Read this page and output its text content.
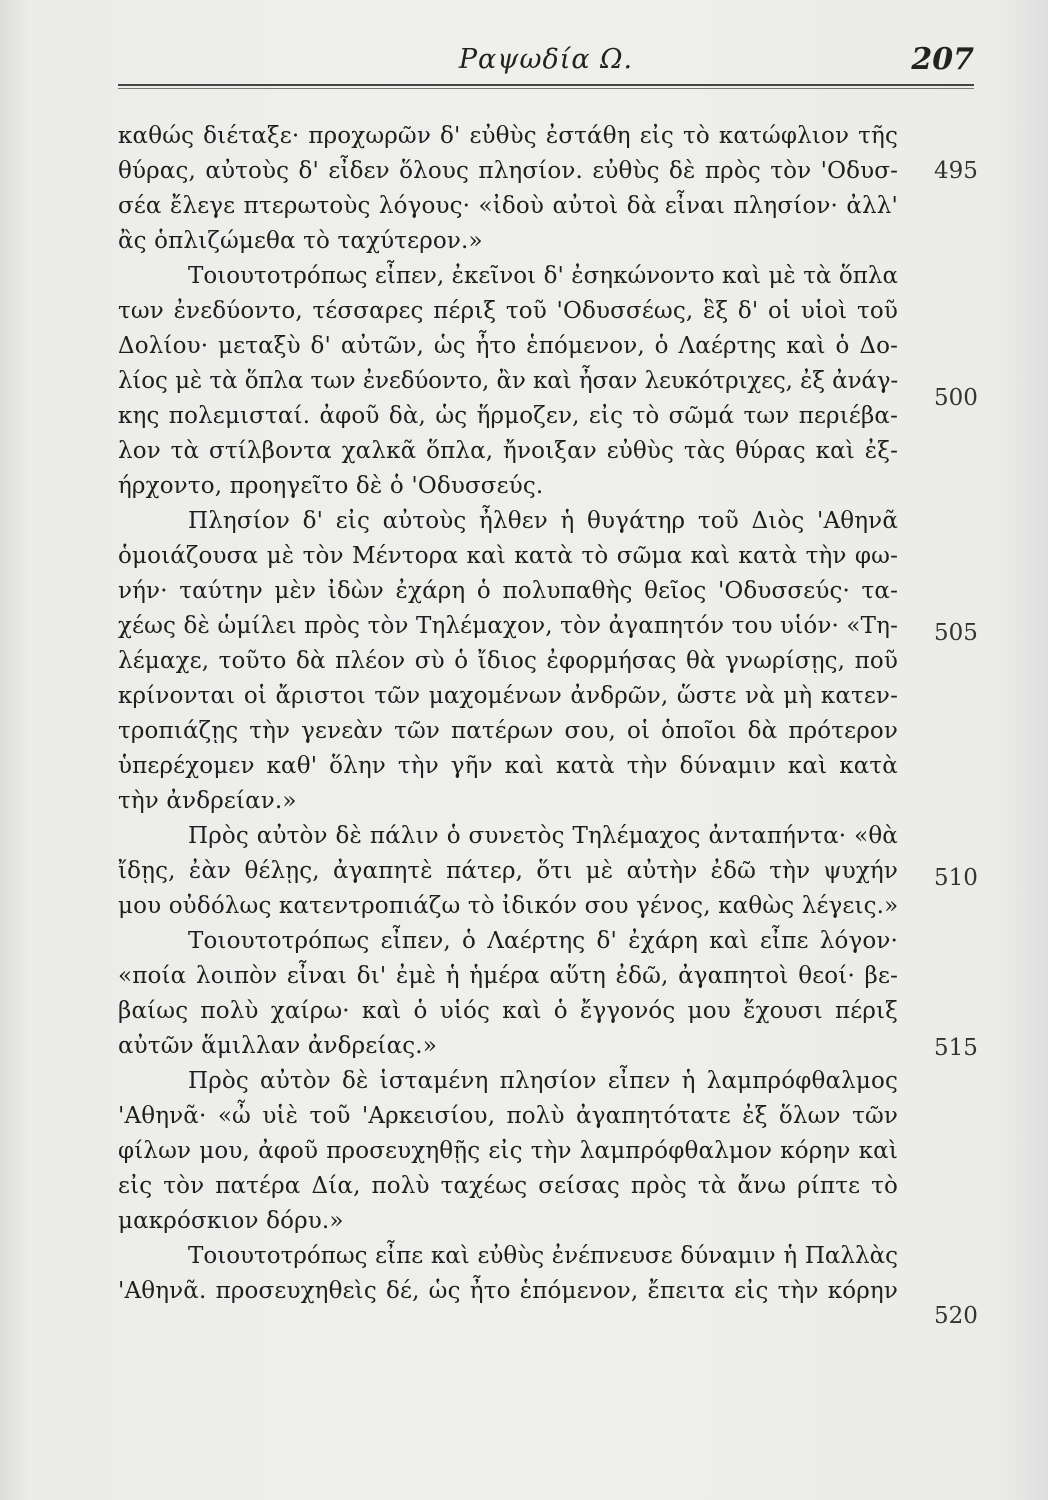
Ραψωδία Ω.	207
καθώς διέταξε· προχωρῶν δ' εὐθὺς ἐστάθη εἰς τὸ κατώφλιον τῆς
θύρας, αὐτοὺς δ' εἶδεν ὅλους πλησίον. εὐθὺς δὲ πρὸς τὸν 'Οδυσ-
σέα ἔλεγε πτερωτοὺς λόγους· «ἰδοὺ αὐτοὶ δὰ εἶναι πλησίον· ἀλλ'
ἂς ὁπλιζώμεθα τὸ ταχύτερον.»
Τοιουτοτρόπως εἶπεν, ἐκεῖνοι δ' ἐσηκώνοντο καὶ μὲ τὰ ὅπλα
των ἐνεδύοντο, τέσσαρες πέριξ τοῦ 'Οδυσσέως, ἓξ δ' οἱ υἱοὶ τοῦ
Δολίου· μεταξὺ δ' αὐτῶν, ὡς ἦτο ἑπόμενον, ὁ Λαέρτης καὶ ὁ Δο-
λίος μὲ τὰ ὅπλα των ἐνεδύοντο, ἂν καὶ ἦσαν λευκότριχες, ἐξ ἀνάγ-
κης πολεμισταί. ἀφοῦ δὰ, ὡς ἥρμοζεν, εἰς τὸ σῶμά των περιέβα-
λον τὰ στίλβοντα χαλκᾶ ὅπλα, ἤνοιξαν εὐθὺς τὰς θύρας καὶ ἐξ-
ήρχοντο, προηγεῖτο δὲ ὁ 'Οδυσσεύς.
Πλησίον δ' εἰς αὐτοὺς ἦλθεν ἡ θυγάτηρ τοῦ Διὸς 'Αθηνᾶ
ὁμοιάζουσα μὲ τὸν Μέντορα καὶ κατὰ τὸ σῶμα καὶ κατὰ τὴν φω-
νήν· ταύτην μὲν ἰδὼν ἐχάρη ὁ πολυπαθὴς θεῖος 'Οδυσσεύς· τα-
χέως δὲ ὡμίλει πρὸς τὸν Τηλέμαχον, τὸν ἀγαπητόν του υἱόν· «Τη-
λέμαχε, τοῦτο δὰ πλέον σὺ ὁ ἴδιος ἐφορμήσας θὰ γνωρίσῃς, ποῦ
κρίνονται οἱ ἄριστοι τῶν μαχομένων ἀνδρῶν, ὥστε νὰ μὴ κατεν-
τροπιάζῃς τὴν γενεὰν τῶν πατέρων σου, οἱ ὁποῖοι δὰ πρότερον
ὑπερέχομεν καθ' ὅλην τὴν γῆν καὶ κατὰ τὴν δύναμιν καὶ κατὰ
τὴν ἀνδρείαν.»
Πρὸς αὐτὸν δὲ πάλιν ὁ συνετὸς Τηλέμαχος ἀνταπήντα· «θὰ
ἴδῃς, ἐὰν θέλῃς, ἀγαπητὲ πάτερ, ὅτι μὲ αὐτὴν ἐδῶ τὴν ψυχήν
μου οὐδόλως κατεντροπιάζω τὸ ἰδικόν σου γένος, καθὼς λέγεις.»
Τοιουτοτρόπως εἶπεν, ὁ Λαέρτης δ' ἐχάρη καὶ εἶπε λόγον·
«ποία λοιπὸν εἶναι δι' ἐμὲ ἡ ἡμέρα αὕτη ἐδῶ, ἀγαπητοὶ θεοί· βε-
βαίως πολὺ χαίρω· καὶ ὁ υἱός καὶ ὁ ἔγγονός μου ἔχουσι πέριξ
αὐτῶν ἅμιλλαν ἀνδρείας.»
Πρὸς αὐτὸν δὲ ἱσταμένη πλησίον εἶπεν ἡ λαμπρόφθαλμος
'Αθηνᾶ· «ὦ υἱὲ τοῦ 'Αρκεισίου, πολὺ ἀγαπητότατε ἐξ ὅλων τῶν
φίλων μου, ἀφοῦ προσευχηθῇς εἰς τὴν λαμπρόφθαλμον κόρην καὶ
εἰς τὸν πατέρα Δία, πολὺ ταχέως σείσας πρὸς τὰ ἄνω ρίπτε τὸ
μακρόσκιον δόρυ.»
Τοιουτοτρόπως εἶπε καὶ εὐθὺς ἐνέπνευσε δύναμιν ἡ Παλλὰς
'Αθηνᾶ. προσευχηθεὶς δέ, ὡς ἦτο ἑπόμενον, ἔπειτα εἰς τὴν κόρην
495
500
505
510
515
520
